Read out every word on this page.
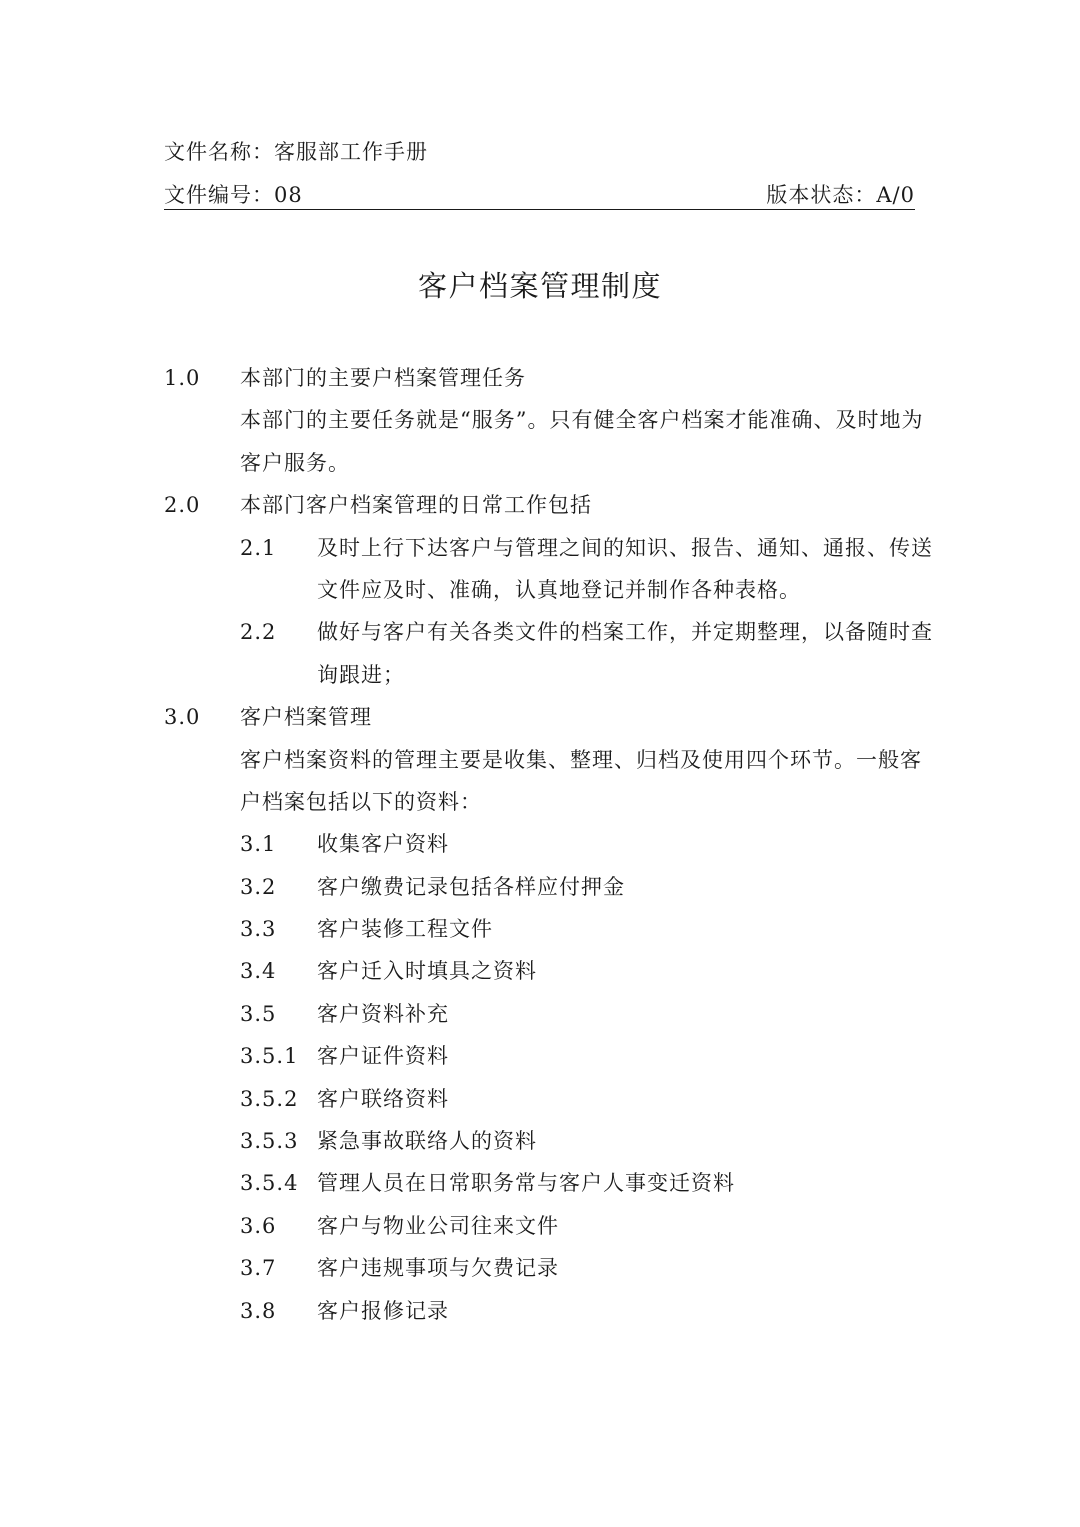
文件名称：客服部工作手册
文件编号：08	版本状态：A/0
客户档案管理制度
1.0 本部门的主要户档案管理任务
本部门的主要任务就是“服务”。只有健全客户档案才能准确、及时地为
客户服务。
2.0 本部门客户档案管理的日常工作包括
2.1 及时上行下达客户与管理之间的知识、报告、通知、通报、传送
文件应及时、准确，认真地登记并制作各种表格。
2.2 做好与客户有关各类文件的档案工作，并定期整理，以备随时查
询跟进；
3.0 客户档案管理
客户档案资料的管理主要是收集、整理、归档及使用四个环节。一般客
户档案包括以下的资料：
3.1 收集客户资料
3.2 客户缴费记录包括各样应付押金
3.3 客户装修工程文件
3.4 客户迁入时填具之资料
3.5 客户资料补充
3.5.1 客户证件资料
3.5.2 客户联络资料
3.5.3 紧急事故联络人的资料
3.5.4 管理人员在日常职务常与客户人事变迁资料
3.6 客户与物业公司往来文件
3.7 客户违规事项与欠费记录
3.8 客户报修记录
